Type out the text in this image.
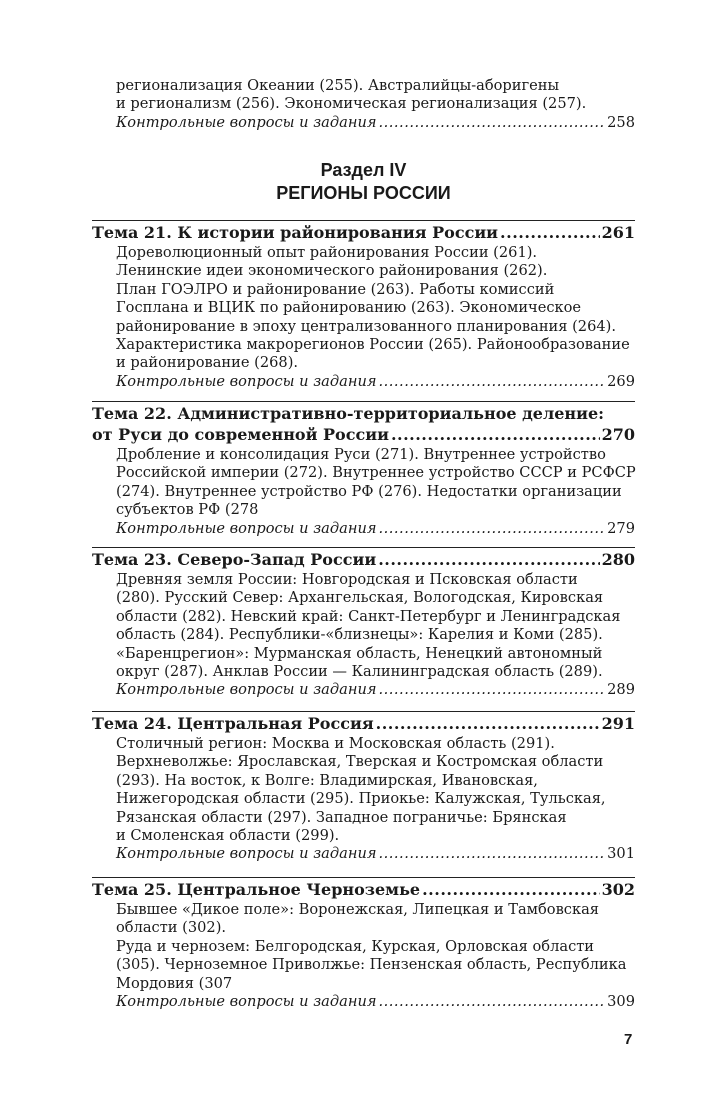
регионализация Океании (255). Австралийцы-аборигены
и регионализм (256). Экономическая регионализация (257).
Контрольные вопросы и задания .....	258
Раздел IV
РЕГИОНЫ РОССИИ
Тема 21. К истории районирования России .....	261
Дореволюционный опыт районирования России (261).
Ленинские идеи экономического районирования (262).
План ГОЭЛРО и районирование (263). Работы комиссий
Госплана и ВЦИК по районированию (263). Экономическое
районирование в эпоху централизованного планирования (264).
Характеристика макрорегионов России (265). Районообразование
и районирование (268).
Контрольные вопросы и задания .....	269
Тема 22. Административно-территориальное деление:
от Руси до современной России .....	270
Дробление и консолидация Руси (271). Внутреннее устройство
Российской империи (272). Внутреннее устройство СССР и РСФСР
(274). Внутреннее устройство РФ (276). Недостатки организации
субъектов РФ (278
Контрольные вопросы и задания .....	279
Тема 23. Северо-Запад России .....	280
Древняя земля России: Новгородская и Псковская области
(280). Русский Север: Архангельская, Вологодская, Кировская
области (282). Невский край: Санкт-Петербург и Ленинградская
область (284). Республики-«близнецы»: Карелия и Коми (285).
«Баренцрегион»: Мурманская область, Ненецкий автономный
округ (287). Анклав России — Калининградская область (289).
Контрольные вопросы и задания .....	289
Тема 24. Центральная Россия .....	291
Столичный регион: Москва и Московская область (291).
Верхневолжье: Ярославская, Тверская и Костромская области
(293). На восток, к Волге: Владимирская, Ивановская,
Нижегородская области (295). Приокье: Калужская, Тульская,
Рязанская области (297). Западное пограничье: Брянская
и Смоленская области (299).
Контрольные вопросы и задания .....	301
Тема 25. Центральное Черноземье .....	302
Бывшее «Дикое поле»: Воронежская, Липецкая и Тамбовская
области (302).
Руда и чернозем: Белгородская, Курская, Орловская области
(305). Черноземное Приволжье: Пензенская область, Республика
Мордовия (307
Контрольные вопросы и задания .....	309
7
